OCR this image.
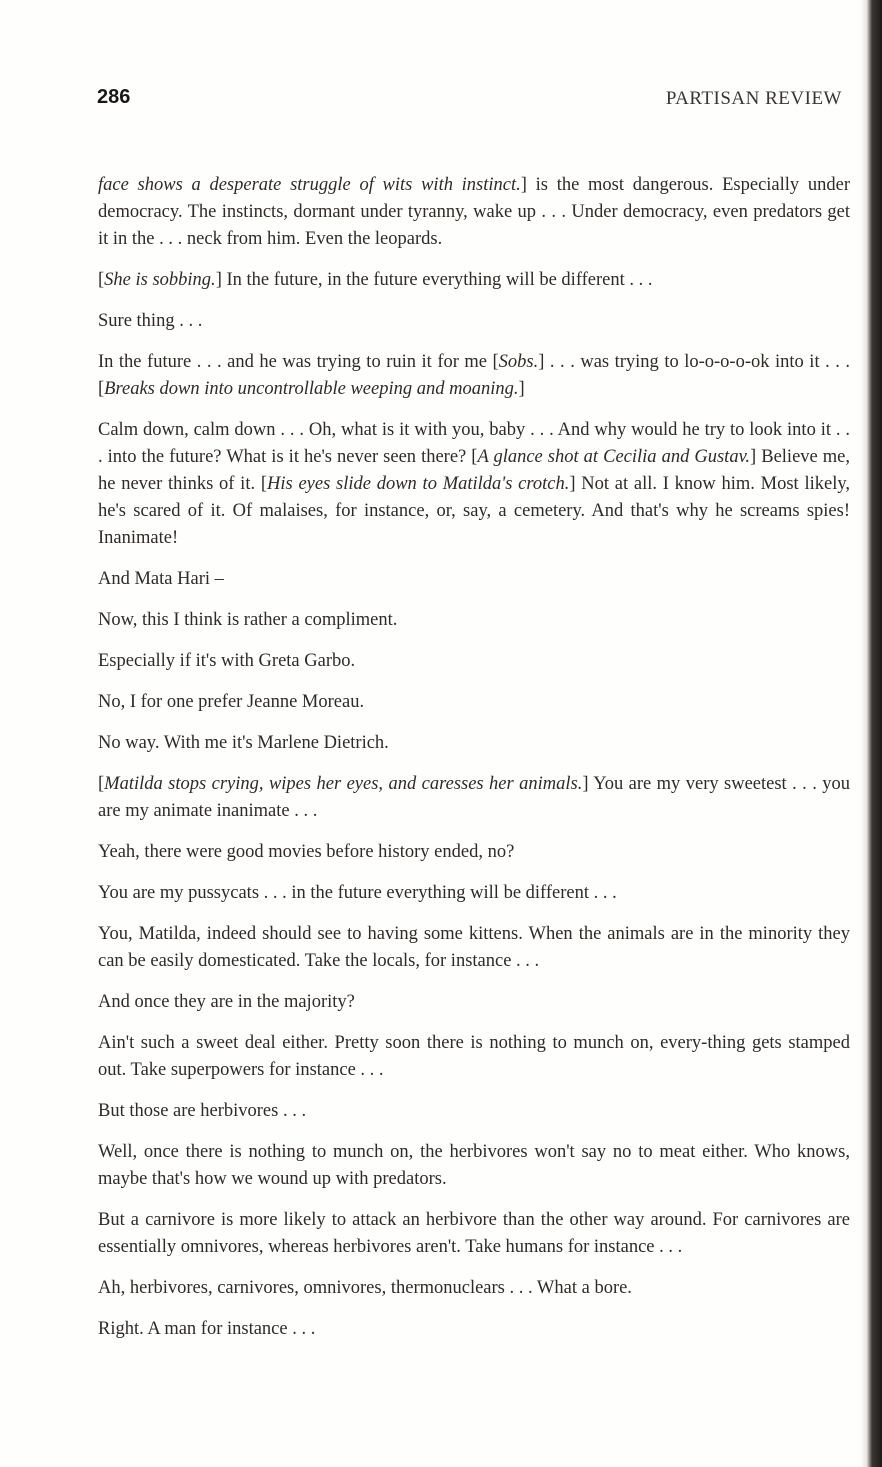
286	PARTISAN REVIEW

face shows a desperate struggle of wits with instinct.] is the most dangerous. Especially under democracy. The instincts, dormant under tyranny, wake up . . . Under democracy, even predators get it in the . . . neck from him. Even the leopards.

[She is sobbing.] In the future, in the future everything will be different . . .

Sure thing . . .

In the future . . . and he was trying to ruin it for me [Sobs.] . . . was trying to lo-o-o-o-ok into it . . . [Breaks down into uncontrollable weeping and moaning.]

Calm down, calm down . . . Oh, what is it with you, baby . . . And why would he try to look into it . . . into the future? What is it he's never seen there? [A glance shot at Cecilia and Gustav.] Believe me, he never thinks of it. [His eyes slide down to Matilda's crotch.] Not at all. I know him. Most likely, he's scared of it. Of malaises, for instance, or, say, a cemetery. And that's why he screams spies! Inanimate!

And Mata Hari –

Now, this I think is rather a compliment.

Especially if it's with Greta Garbo.

No, I for one prefer Jeanne Moreau.

No way. With me it's Marlene Dietrich.

[Matilda stops crying, wipes her eyes, and caresses her animals.] You are my very sweetest . . . you are my animate inanimate . . .

Yeah, there were good movies before history ended, no?

You are my pussycats . . . in the future everything will be different . . .

You, Matilda, indeed should see to having some kittens. When the animals are in the minority they can be easily domesticated. Take the locals, for instance . . .

And once they are in the majority?

Ain't such a sweet deal either. Pretty soon there is nothing to munch on, every-thing gets stamped out. Take superpowers for instance . . .

But those are herbivores . . .

Well, once there is nothing to munch on, the herbivores won't say no to meat either. Who knows, maybe that's how we wound up with predators.

But a carnivore is more likely to attack an herbivore than the other way around. For carnivores are essentially omnivores, whereas herbivores aren't. Take humans for instance . . .

Ah, herbivores, carnivores, omnivores, thermonuclears . . . What a bore.

Right. A man for instance . . .
